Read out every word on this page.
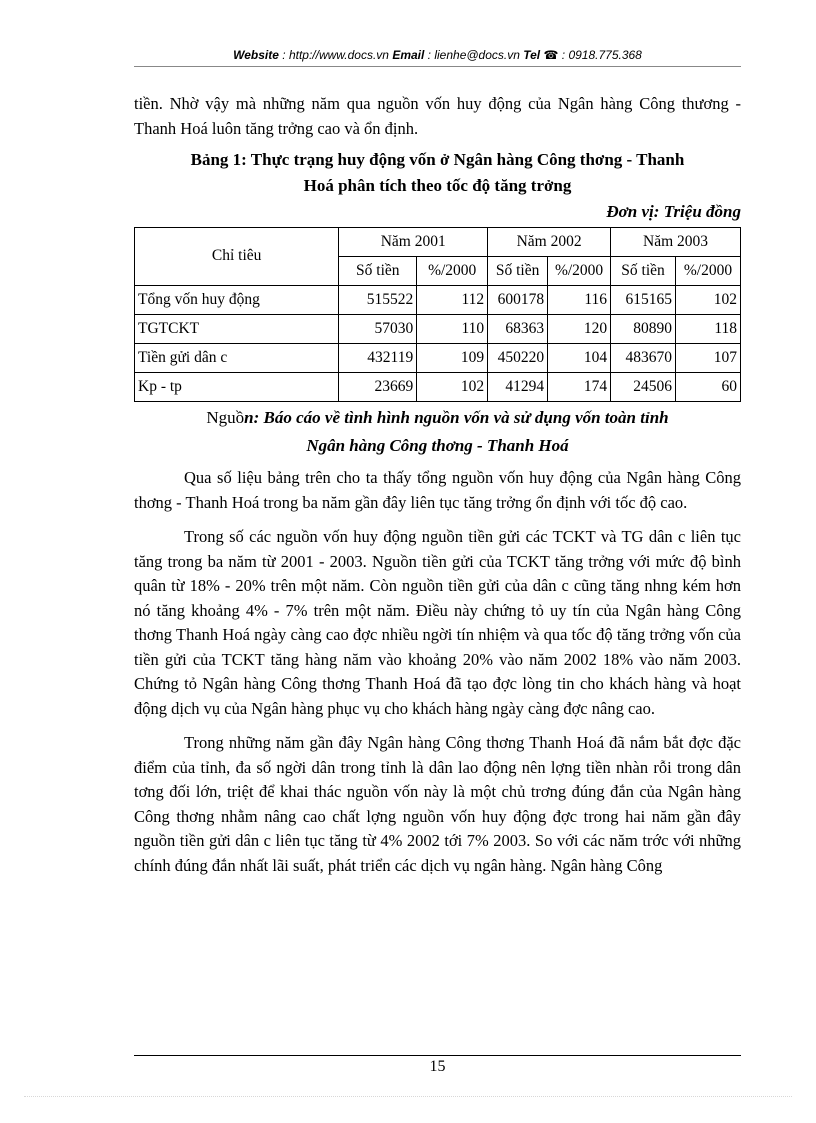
Website : http://www.docs.vn Email : lienhe@docs.vn Tel ☎ : 0918.775.368

tiền. Nhờ vậy mà những năm qua nguồn vốn huy động của Ngân hàng Công thương - Thanh Hoá luôn tăng trởng cao và ổn định.

Bảng 1: Thực trạng huy động vốn ở Ngân hàng Công thơng - Thanh
Hoá phân tích theo tốc độ tăng trởng

Đơn vị: Triệu đồng

Chỉ tiêu	Năm 2001		Năm 2002		Năm 2003	
	Số tiền	%/2000	Số tiền	%/2000	Số tiền	%/2000
Tổng vốn huy động	515522	112	600178	116	615165	102
TGTCKT	57030	110	68363	120	80890	118
Tiền gửi dân c	432119	109	450220	104	483670	107
Kp - tp	23669	102	41294	174	24506	60

Nguồn: Báo cáo về tình hình nguồn vốn và sử dụng vốn toàn tỉnh
Ngân hàng Công thơng - Thanh Hoá

Qua số liệu bảng trên cho ta thấy tổng nguồn vốn huy động của Ngân hàng Công thơng - Thanh Hoá trong ba năm gần đây liên tục tăng trởng ổn định với tốc độ cao.

Trong số các nguồn vốn huy động nguồn tiền gửi các TCKT và TG dân c liên tục tăng trong ba năm từ 2001 - 2003. Nguồn tiền gửi của TCKT tăng trởng với mức độ bình quân từ 18% - 20% trên một năm. Còn nguồn tiền gửi của dân c cũng tăng nhng kém hơn nó tăng khoảng 4% - 7% trên một năm. Điều này chứng tỏ uy tín của Ngân hàng Công thơng Thanh Hoá ngày càng cao đợc nhiều ngời tín nhiệm và qua tốc độ tăng trởng vốn của tiền gửi của TCKT tăng hàng năm vào khoảng 20% vào năm 2002 18% vào năm 2003. Chứng tỏ Ngân hàng Công thơng Thanh Hoá đã tạo đợc lòng tin cho khách hàng và hoạt động dịch vụ của Ngân hàng phục vụ cho khách hàng ngày càng đợc nâng cao.

Trong những năm gần đây Ngân hàng Công thơng Thanh Hoá đã nắm bắt đợc đặc điểm của tỉnh, đa số ngời dân trong tỉnh là dân lao động nên lợng tiền nhàn rỗi trong dân tơng đối lớn, triệt để khai thác nguồn vốn này là một chủ trơng đúng đắn của Ngân hàng Công thơng nhằm nâng cao chất lợng nguồn vốn huy động đợc trong hai năm gần đây nguồn tiền gửi dân c liên tục tăng từ 4% 2002 tới 7% 2003. So với các năm trớc với những chính đúng đắn nhất lãi suất, phát triển các dịch vụ ngân hàng. Ngân hàng Công

15
